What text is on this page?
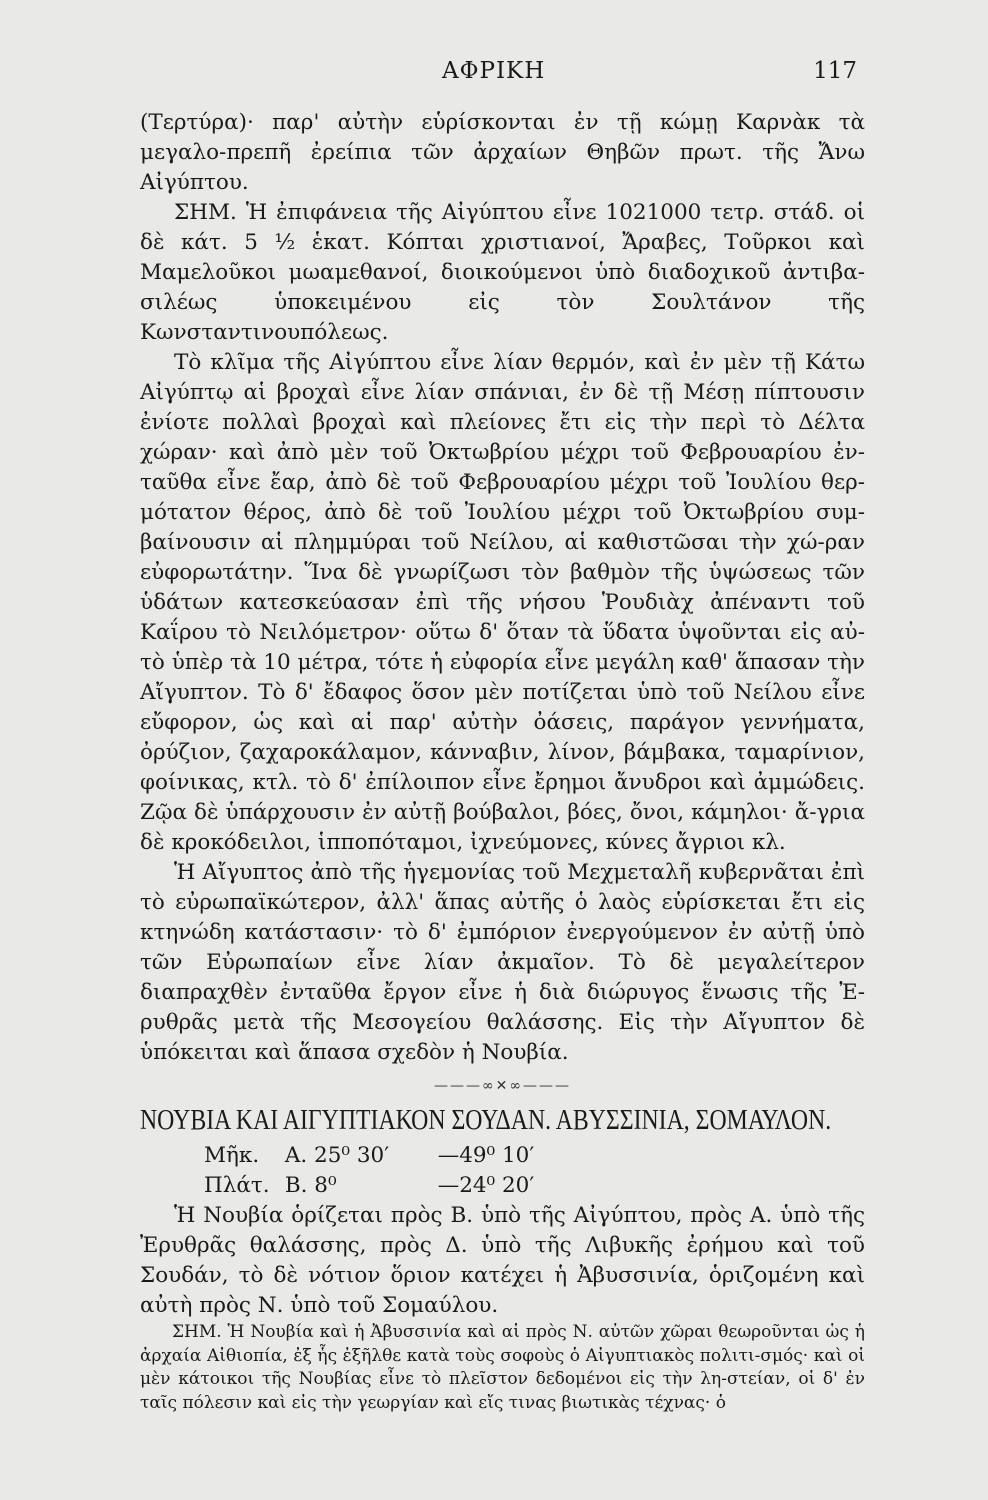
ΑΦΡΙΚΗ	117

(Τερτύρα)· παρ' αὐτὴν εὑρίσκονται ἐν τῇ κώμῃ Καρνὰκ τὰ μεγαλο-πρεπῆ ἐρείπια τῶν ἀρχαίων Θηβῶν πρωτ. τῆς Ἄνω Αἰγύπτου.

ΣΗΜ. Ἡ ἐπιφάνεια τῆς Αἰγύπτου εἶνε 1021000 τετρ. στάδ. οἱ δὲ κάτ. 5 ½ ἑκατ. Κόπται χριστιανοί, Ἄραβες, Τοῦρκοι καὶ Μαμελοῦκοι μωαμεθανοί, διοικούμενοι ὑπὸ διαδοχικοῦ ἀντιβα-σιλέως ὑποκειμένου εἰς τὸν Σουλτάνον τῆς Κωνσταντινουπόλεως.

Τὸ κλῖμα τῆς Αἰγύπτου εἶνε λίαν θερμόν, καὶ ἐν μὲν τῇ Κάτω Αἰγύπτῳ αἱ βροχαὶ εἶνε λίαν σπάνιαι, ἐν δὲ τῇ Μέσῃ πίπτουσιν ἐνίοτε πολλαὶ βροχαὶ καὶ πλείονες ἔτι εἰς τὴν περὶ τὸ Δέλτα χώραν· καὶ ἀπὸ μὲν τοῦ Ὀκτωβρίου μέχρι τοῦ Φεβρουαρίου ἐν-ταῦθα εἶνε ἔαρ, ἀπὸ δὲ τοῦ Φεβρουαρίου μέχρι τοῦ Ἰουλίου θερ-μότατον θέρος, ἀπὸ δὲ τοῦ Ἰουλίου μέχρι τοῦ Ὀκτωβρίου συμ-βαίνουσιν αἱ πλημμύραι τοῦ Νείλου, αἱ καθιστῶσαι τὴν χώ-ραν εὐφορωτάτην. Ἵνα δὲ γνωρίζωσι τὸν βαθμὸν τῆς ὑψώσεως τῶν ὑδάτων κατεσκεύασαν ἐπὶ τῆς νήσου Ῥουδιὰχ ἀπέναντι τοῦ Καΐρου τὸ Νειλόμετρον· οὕτω δ' ὅταν τὰ ὕδατα ὑψοῦνται εἰς αὐ-τὸ ὑπὲρ τὰ 10 μέτρα, τότε ἡ εὐφορία εἶνε μεγάλη καθ' ἅπασαν τὴν Αἴγυπτον. Τὸ δ' ἔδαφος ὅσον μὲν ποτίζεται ὑπὸ τοῦ Νείλου εἶνε εὔφορον, ὡς καὶ αἱ παρ' αὐτὴν ὀάσεις, παράγον γεννήματα, ὀρύζιον, ζαχαροκάλαμον, κάνναβιν, λίνον, βάμβακα, ταμαρίνιον, φοίνικας, κτλ. τὸ δ' ἐπίλοιπον εἶνε ἔρημοι ἄνυδροι καὶ ἀμμώδεις. Ζῷα δὲ ὑπάρχουσιν ἐν αὐτῇ βούβαλοι, βόες, ὄνοι, κάμηλοι· ἄ-γρια δὲ κροκόδειλοι, ἱπποπόταμοι, ἰχνεύμονες, κύνες ἄγριοι κλ.

Ἡ Αἴγυπτος ἀπὸ τῆς ἡγεμονίας τοῦ Μεχμεταλῆ κυβερνᾶται ἐπὶ τὸ εὐρωπαϊκώτερον, ἀλλ' ἅπας αὐτῆς ὁ λαὸς εὑρίσκεται ἔτι εἰς κτηνώδη κατάστασιν· τὸ δ' ἐμπόριον ἐνεργούμενον ἐν αὐτῇ ὑπὸ τῶν Εὐρωπαίων εἶνε λίαν ἀκμαῖον. Τὸ δὲ μεγαλείτερον διαπραχθὲν ἐνταῦθα ἔργον εἶνε ἡ διὰ διώρυγος ἕνωσις τῆς Ἐ-ρυθρᾶς μετὰ τῆς Μεσογείου θαλάσσης. Εἰς τὴν Αἴγυπτον δὲ ὑπόκειται καὶ ἅπασα σχεδὸν ἡ Νουβία.

———∞✕∞———
ΝΟΥΒΙΑ ΚΑΙ ΑΙΓΥΠΤΙΑΚΟΝ ΣΟΥΔΑΝ. ΑΒΥΣΣΙΝΙΑ, ΣΟΜΑΥΛΟΝ.
Μῆκ. Α. 25⁰ 30′ —49⁰ 10′
Πλάτ. Β. 8⁰	—24⁰ 20′

Ἡ Νουβία ὁρίζεται πρὸς Β. ὑπὸ τῆς Αἰγύπτου, πρὸς Α. ὑπὸ τῆς Ἐρυθρᾶς θαλάσσης, πρὸς Δ. ὑπὸ τῆς Λιβυκῆς ἐρήμου καὶ τοῦ Σουδάν, τὸ δὲ νότιον ὅριον κατέχει ἡ Ἀβυσσινία, ὁριζομένη καὶ αὐτὴ πρὸς Ν. ὑπὸ τοῦ Σομαύλου.

ΣΗΜ. Ἡ Νουβία καὶ ἡ Ἀβυσσινία καὶ αἱ πρὸς Ν. αὐτῶν χῶραι θεωροῦνται ὡς ἡ ἀρχαία Αἰθιοπία, ἐξ ἧς ἐξῆλθε κατὰ τοὺς σοφοὺς ὁ Αἰγυπτιακὸς πολιτι-σμός· καὶ οἱ μὲν κάτοικοι τῆς Νουβίας εἶνε τὸ πλεῖστον δεδομένοι εἰς τὴν λη-στείαν, οἱ δ' ἐν ταῖς πόλεσιν καὶ εἰς τὴν γεωργίαν καὶ εἴς τινας βιωτικὰς τέχνας· ὁ
